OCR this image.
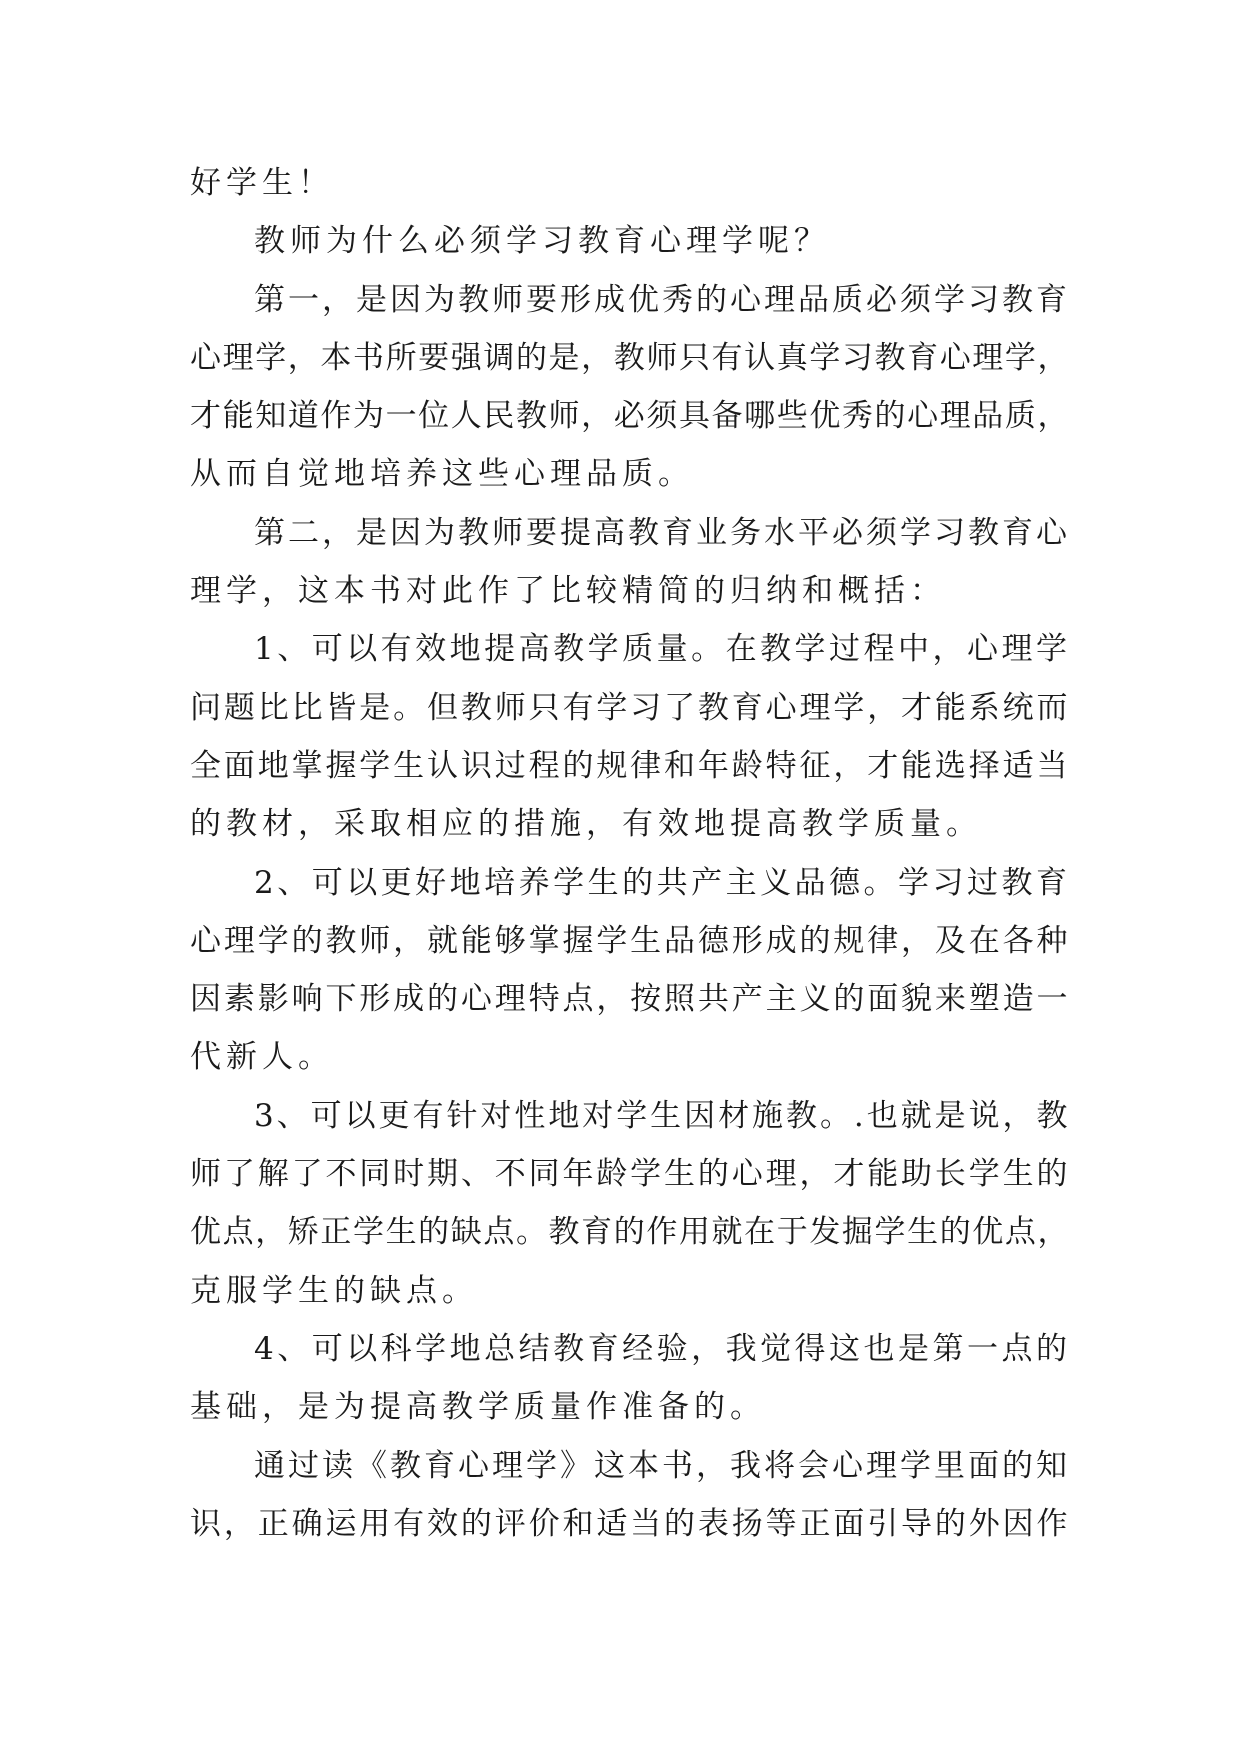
好学生！
教师为什么必须学习教育心理学呢？
第一，是因为教师要形成优秀的心理品质必须学习教育
心理学，本书所要强调的是，教师只有认真学习教育心理学，
才能知道作为一位人民教师，必须具备哪些优秀的心理品质，
从而自觉地培养这些心理品质。
第二，是因为教师要提高教育业务水平必须学习教育心
理学，这本书对此作了比较精简的归纳和概括：
1、可以有效地提高教学质量。在教学过程中，心理学
问题比比皆是。但教师只有学习了教育心理学，才能系统而
全面地掌握学生认识过程的规律和年龄特征，才能选择适当
的教材，采取相应的措施，有效地提高教学质量。
2、可以更好地培养学生的共产主义品德。学习过教育
心理学的教师，就能够掌握学生品德形成的规律，及在各种
因素影响下形成的心理特点，按照共产主义的面貌来塑造一
代新人。
3、可以更有针对性地对学生因材施教。.也就是说，教
师了解了不同时期、不同年龄学生的心理，才能助长学生的
优点，矫正学生的缺点。教育的作用就在于发掘学生的优点，
克服学生的缺点。
4、可以科学地总结教育经验，我觉得这也是第一点的
基础，是为提高教学质量作准备的。
通过读《教育心理学》这本书，我将会心理学里面的知
识，正确运用有效的评价和适当的表扬等正面引导的外因作
